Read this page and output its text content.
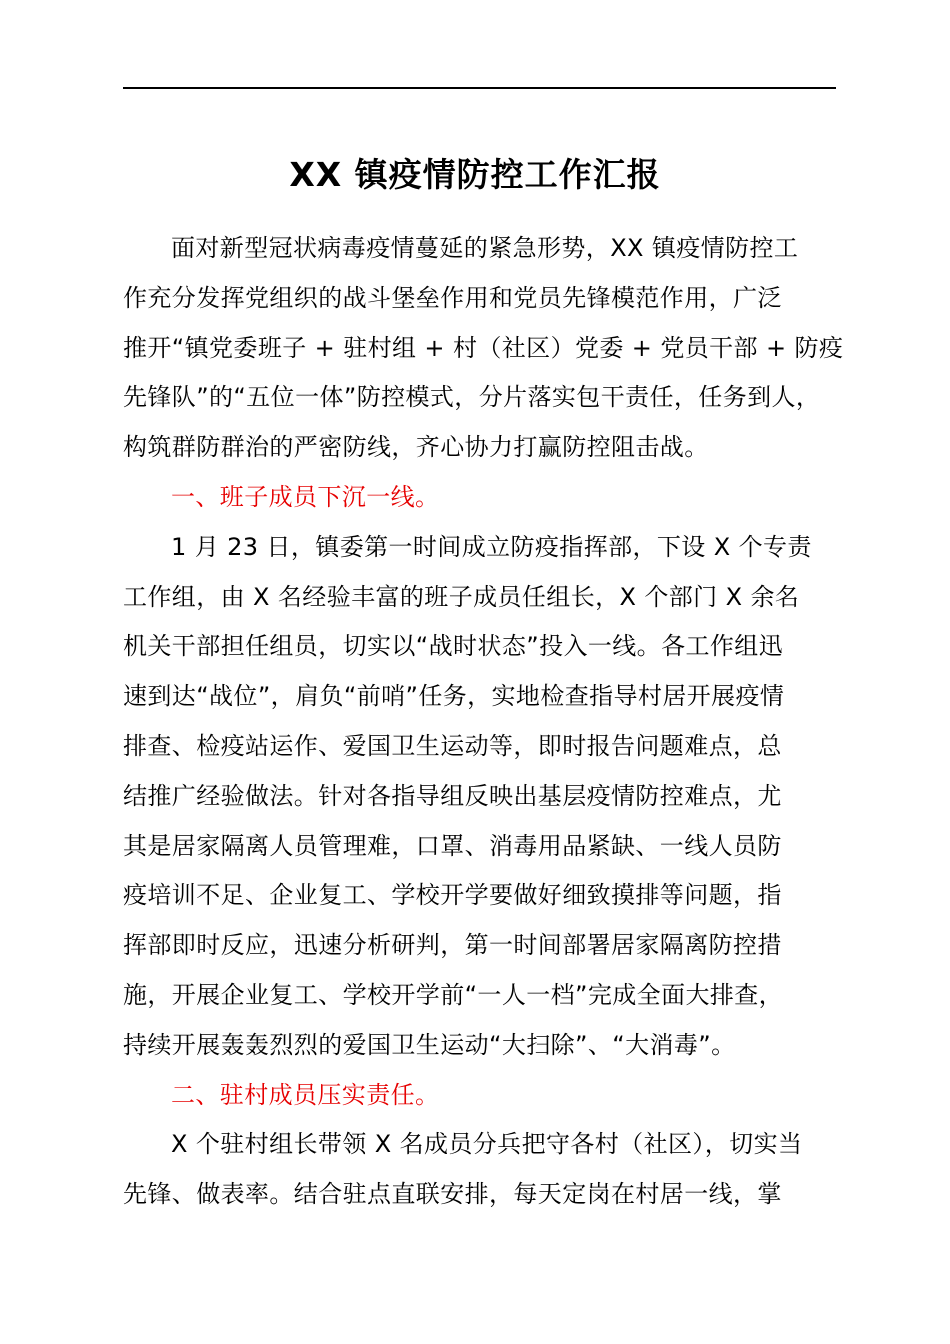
XX 镇疫情防控工作汇报

面对新型冠状病毒疫情蔓延的紧急形势，XX 镇疫情防控工
作充分发挥党组织的战斗堡垒作用和党员先锋模范作用，广泛
推开“镇党委班子 + 驻村组 + 村（社区）党委 + 党员干部 + 防疫
先锋队”的“五位一体”防控模式，分片落实包干责任，任务到人，
构筑群防群治的严密防线，齐心协力打赢防控阻击战。

一、班子成员下沉一线。

1 月 23 日，镇委第一时间成立防疫指挥部，下设 X 个专责
工作组，由 X 名经验丰富的班子成员任组长，X 个部门 X 余名
机关干部担任组员，切实以“战时状态”投入一线。各工作组迅
速到达“战位”，肩负“前哨”任务，实地检查指导村居开展疫情
排查、检疫站运作、爱国卫生运动等，即时报告问题难点，总
结推广经验做法。针对各指导组反映出基层疫情防控难点，尤
其是居家隔离人员管理难，口罩、消毒用品紧缺、一线人员防
疫培训不足、企业复工、学校开学要做好细致摸排等问题，指
挥部即时反应，迅速分析研判，第一时间部署居家隔离防控措
施，开展企业复工、学校开学前“一人一档”完成全面大排查，
持续开展轰轰烈烈的爱国卫生运动“大扫除”、“大消毒”。

二、驻村成员压实责任。

X 个驻村组长带领 X 名成员分兵把守各村（社区），切实当
先锋、做表率。结合驻点直联安排，每天定岗在村居一线，掌
